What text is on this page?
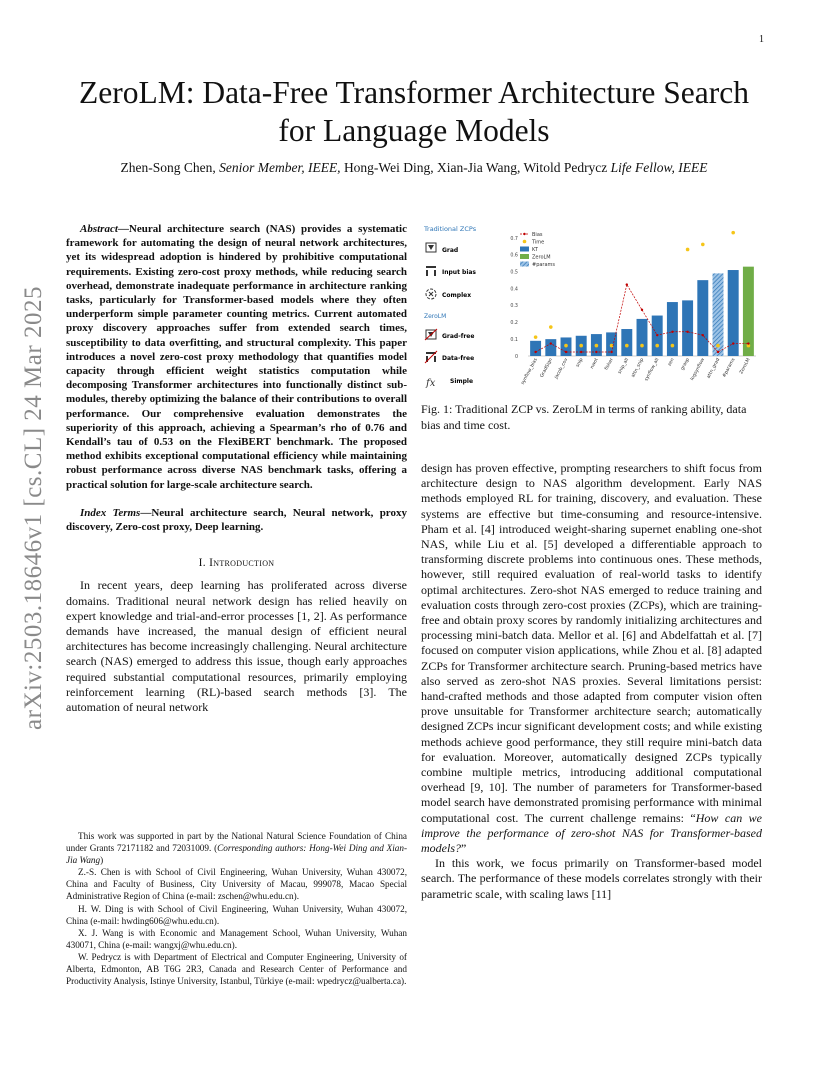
1
arXiv:2503.18646v1 [cs.CL] 24 Mar 2025
ZeroLM: Data-Free Transformer Architecture Search for Language Models
Zhen-Song Chen, Senior Member, IEEE, Hong-Wei Ding, Xian-Jia Wang, Witold Pedrycz Life Fellow, IEEE

Abstract—Neural architecture search (NAS) provides a systematic framework for automating the design of neural network architectures, yet its widespread adoption is hindered by prohibitive computational requirements. Existing zero-cost proxy methods, while reducing search overhead, demonstrate inadequate performance in architecture ranking tasks, particularly for Transformer-based models where they often underperform simple parameter counting metrics. Current automated proxy discovery approaches suffer from extended search times, susceptibility to data overfitting, and structural complexity. This paper introduces a novel zero-cost proxy methodology that quantifies model capacity through efficient weight statistics computation while decomposing Transformer architectures into functionally distinct sub-modules, thereby optimizing the balance of their contributions to overall performance. Our comprehensive evaluation demonstrates the superiority of this approach, achieving a Spearman’s rho of 0.76 and Kendall’s tau of 0.53 on the FlexiBERT benchmark. The proposed method exhibits exceptional computational efficiency while maintaining robust performance across diverse NAS benchmark tasks, offering a practical solution for large-scale architecture search.

Index Terms—Neural architecture search, Neural network, proxy discovery, Zero-cost proxy, Deep learning.

I. Introduction

In recent years, deep learning has proliferated across diverse domains. Traditional neural network design has relied heavily on expert knowledge and trial-and-error processes [1, 2]. As performance demands have increased, the manual design of efficient neural architectures has become increasingly challenging. Neural architecture search (NAS) emerged to address this issue, though early approaches required substantial computational resources, primarily employing reinforcement learning (RL)-based search methods [3]. The automation of neural network

This work was supported in part by the National Natural Science Foundation of China under Grants 72171182 and 72031009. (Corresponding authors: Hong-Wei Ding and Xian-Jia Wang)

Z.-S. Chen is with School of Civil Engineering, Wuhan University, Wuhan 430072, China and Faculty of Business, City University of Macau, 999078, Macao Special Administrative Region of China (e-mail: zschen@whu.edu.cn).

H. W. Ding is with School of Civil Engineering, Wuhan University, Wuhan 430072, China (e-mail: hwding606@whu.edu.cn).

X. J. Wang is with Economic and Management School, Wuhan University, Wuhan 430071, China (e-mail: wangxj@whu.edu.cn).

W. Pedrycz is with Department of Electrical and Computer Engineering, University of Alberta, Edmonton, AB T6G 2R3, Canada and Research Center of Performance and Productivity Analysis, Istinye University, Istanbul, Türkiye (e-mail: wpedrycz@ualberta.ca).

Traditional ZCPs
Grad
Input bias
Complex
ZeroLM
Grad-free
Data-free
fx Simple
0
0.1
0.2
0.3
0.4
0.5
0.6
0.7
synflow_bias GradSign jacob_cov snip nwot fisher snip_all attn_snip
synflow_all zen grasp logsynflow attn_grad #params ZeroLM
Bias
Time
KT
ZeroLM
#params
Fig. 1: Traditional ZCP vs. ZeroLM in terms of ranking ability, data bias and time cost.

design has proven effective, prompting researchers to shift focus from architecture design to NAS algorithm development. Early NAS methods employed RL for training, discovery, and evaluation. These systems are effective but time-consuming and resource-intensive. Pham et al. [4] introduced weight-sharing supernet enabling one-shot NAS, while Liu et al. [5] developed a differentiable approach to transforming discrete problems into continuous ones. These methods, however, still required evaluation of real-world tasks to identify optimal architectures. Zero-shot NAS emerged to reduce training and evaluation costs through zero-cost proxies (ZCPs), which are training-free and obtain proxy scores by randomly initializing architectures and processing mini-batch data. Mellor et al. [6] and Abdelfattah et al. [7] focused on computer vision applications, while Zhou et al. [8] adapted ZCPs for Transformer architecture search. Pruning-based metrics have also served as zero-shot NAS proxies. Several limitations persist: hand-crafted methods and those adapted from computer vision often prove unsuitable for Transformer architecture search; automatically designed ZCPs incur significant development costs; and while existing methods achieve good performance, they still require mini-batch data for evaluation. Moreover, automatically designed ZCPs typically combine multiple metrics, introducing additional computational overhead [9, 10]. The number of parameters for Transformer-based model search have demonstrated promising performance with minimal computational cost. The current challenge remains: “How can we improve the performance of zero-shot NAS for Transformer-based models?”

In this work, we focus primarily on Transformer-based model search. The performance of these models correlates strongly with their parametric scale, with scaling laws [11]
